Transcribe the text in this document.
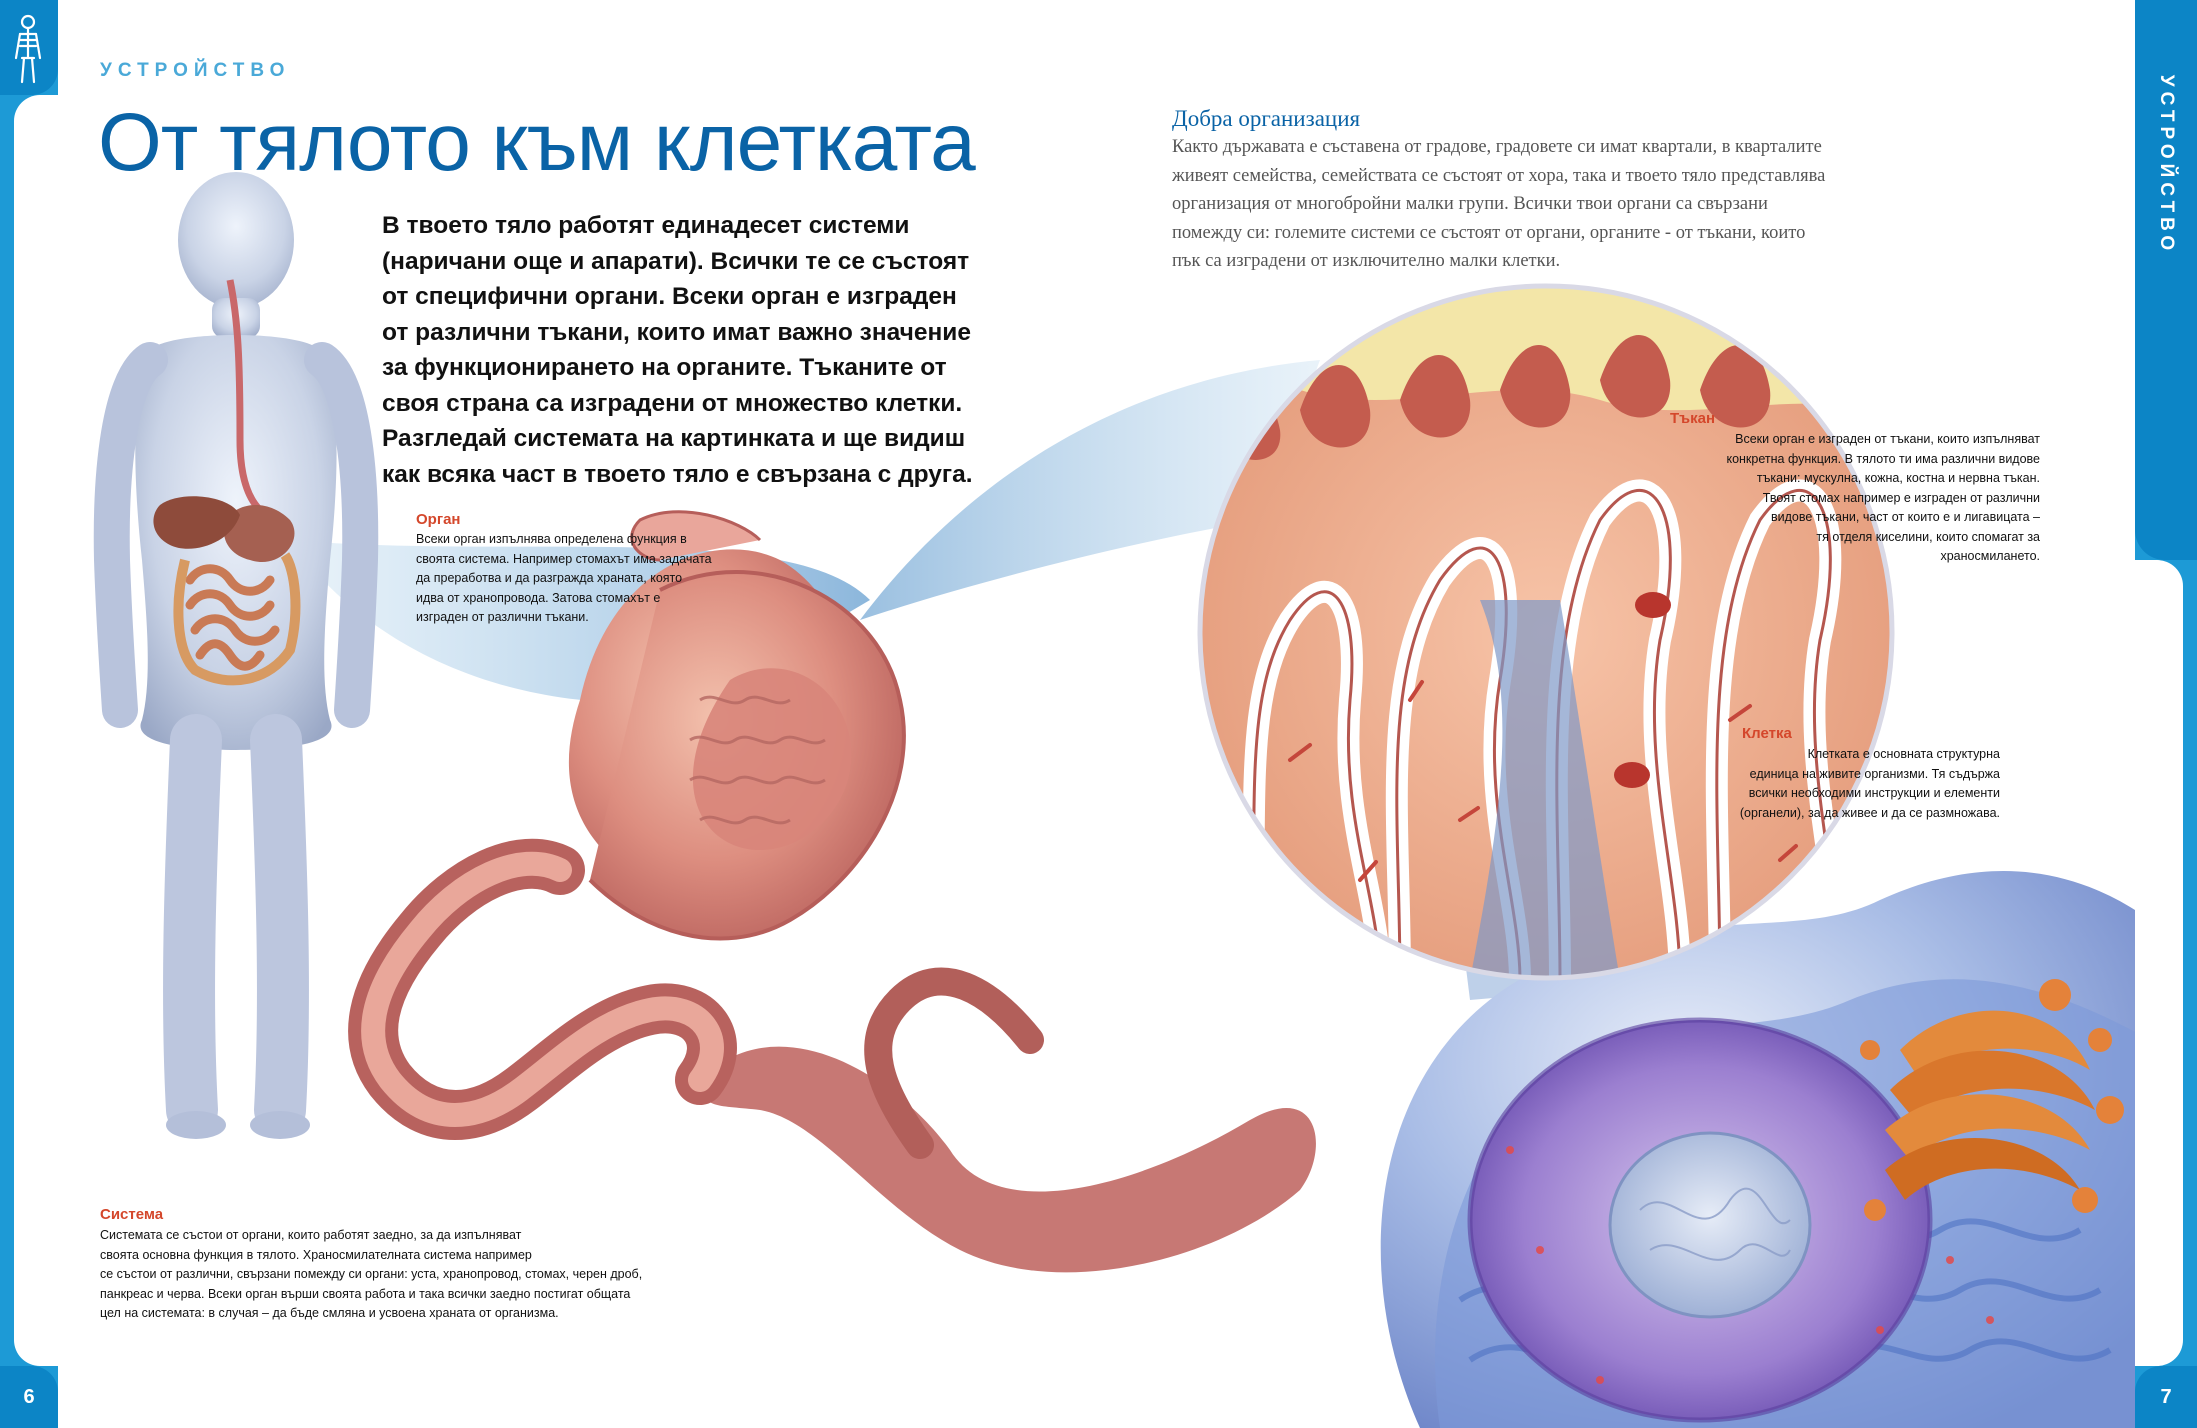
6
УСТРОЙСТВО
7
УСТРОЙСТВО
От тялото към клетката

В твоето тяло работят единадесет системи
(наричани още и апарати). Всички те се състоят
от специфични органи. Всеки орган е изграден
от различни тъкани, които имат важно значение
за функционирането на органите. Тъканите от
своя страна са изградени от множество клетки.
Разгледай системата на картинката и ще видиш
как всяка част в твоето тяло е свързана с друга.

Добра организация

Както държавата е съставена от градове, градовете си имат квартали, в кварталите
живеят семейства, семействата се състоят от хора, така и твоето тяло представлява
организация от многобройни малки групи. Всички твои органи са свързани
помежду си: големите системи се състоят от органи, органите - от тъкани, които
пък са изградени от изключително малки клетки.

Орган

Всеки орган изпълнява определена функция в
своята система. Например стомахът има задачата
да преработва и да разгражда храната, която
идва от хранопровода. Затова стомахът е
изграден от различни тъкани.

Тъкан

Всеки орган е изграден от тъкани, които изпълняват
конкретна функция. В тялото ти има различни видове
тъкани: мускулна, кожна, костна и нервна тъкан.
Твоят стомах например е изграден от различни
видове тъкани, част от които е и лигавицата –
тя отделя киселини, които спомагат за
храносмилането.

Клетка

Клетката е основната структурна
единица на живите организми. Тя съдържа
всички необходими инструкции и елементи
(органели), за да живее и да се размножава.

Система

Системата се състои от органи, които работят заедно, за да изпълняват
своята основна функция в тялото. Храносмилателната система например
се състои от различни, свързани помежду си органи: уста, хранопровод, стомах, черен дроб,
панкреас и черва. Всеки орган върши своята работа и така всички заедно постигат общата
цел на системата: в случая – да бъде смляна и усвоена храната от организма.
